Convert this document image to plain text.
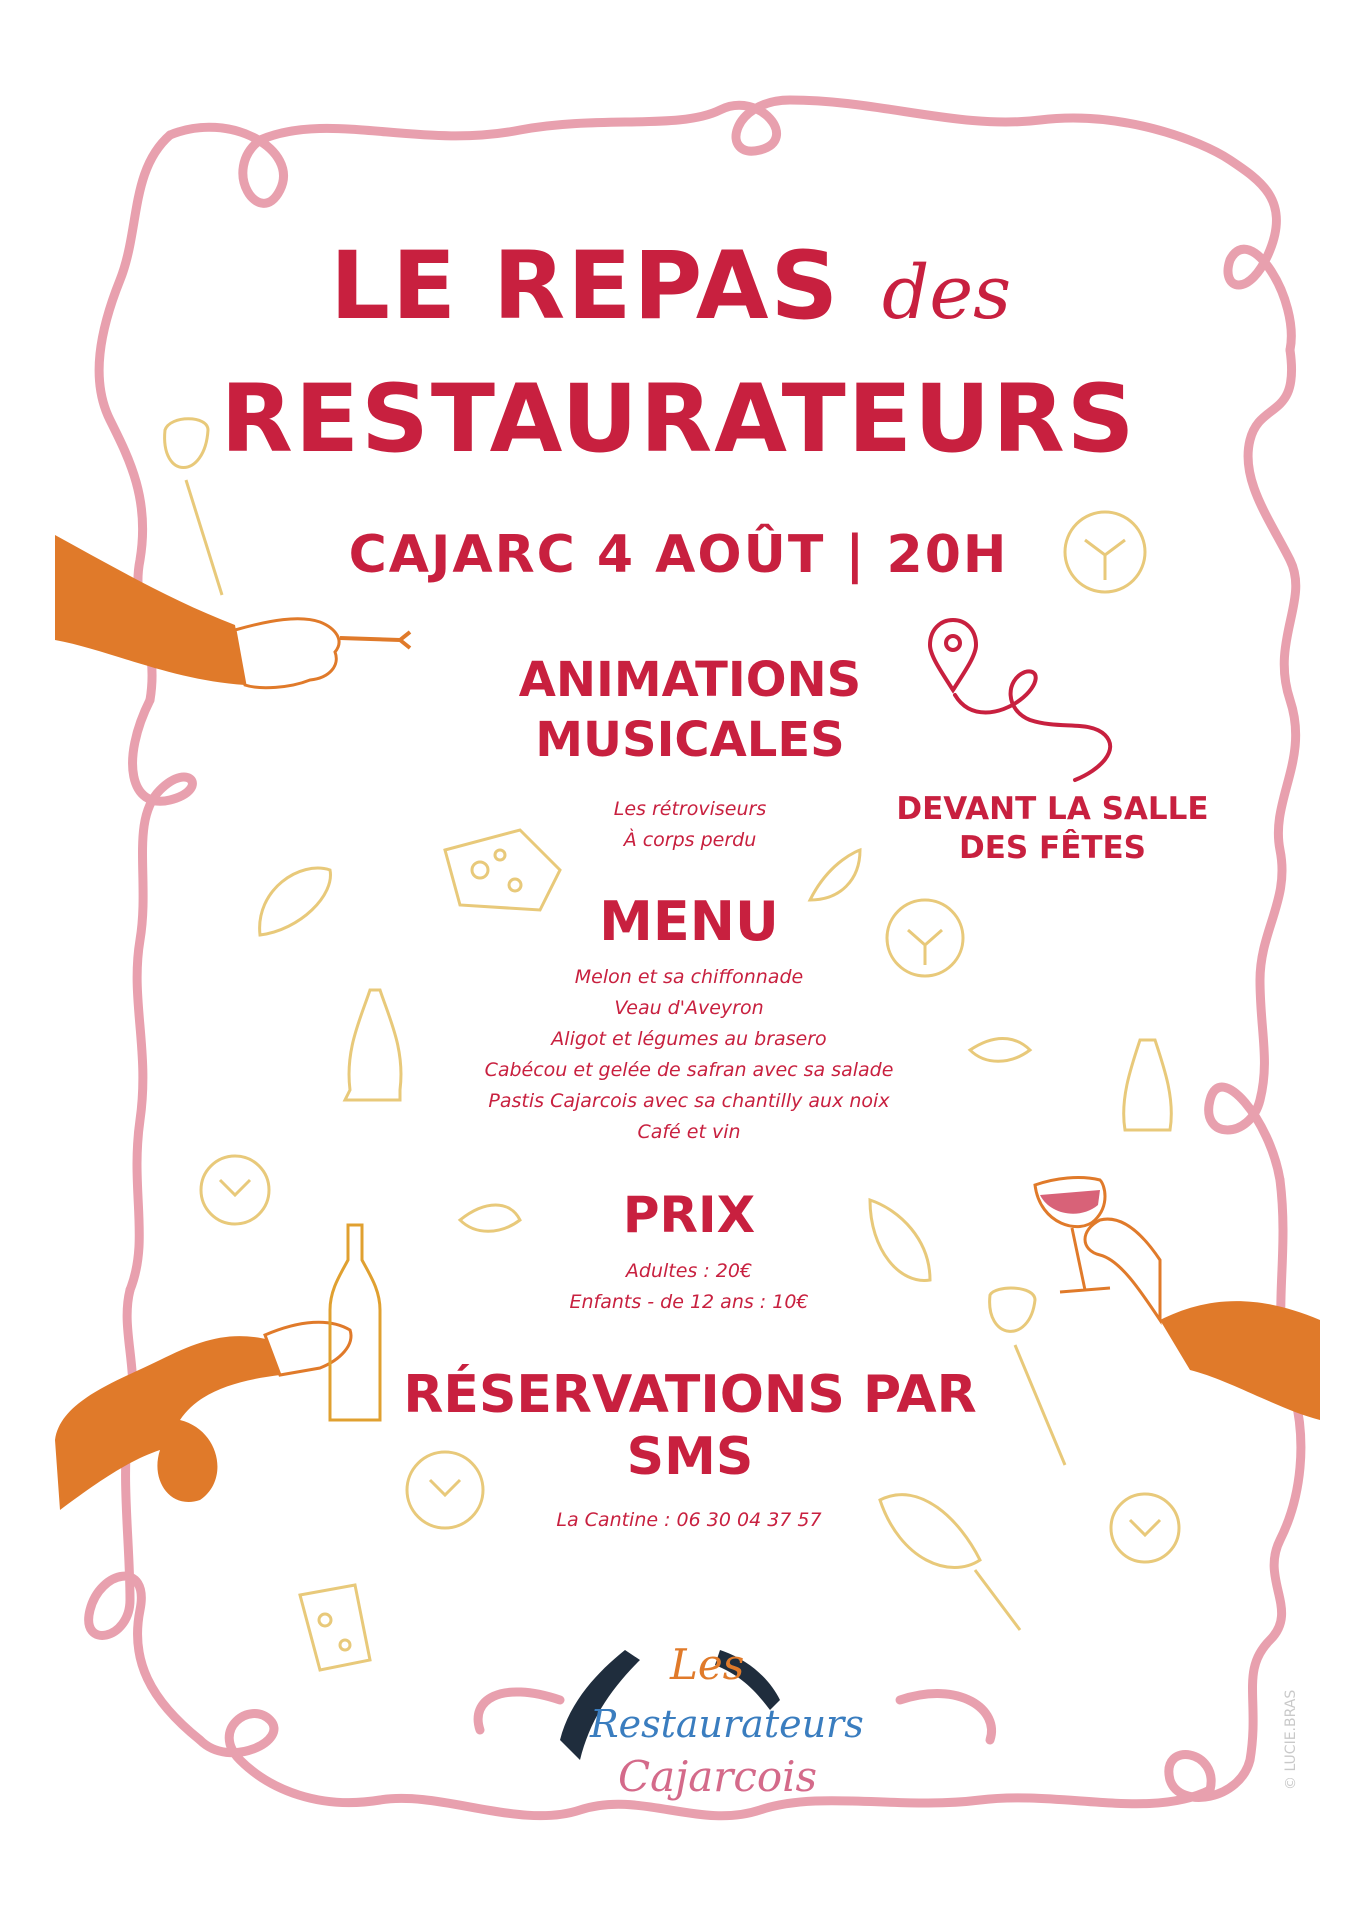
LE REPAS des
RESTAURATEURS
CAJARC 4 AOÛT | 20H
ANIMATIONS MUSICALES
Les rétroviseurs
À corps perdu
DEVANT LA SALLE DES FÊTES
MENU
Melon et sa chiffonnade
Veau d'Aveyron
Aligot et légumes au brasero
Cabécou et gelée de safran avec sa salade
Pastis Cajarcois avec sa chantilly aux noix
Café et vin
PRIX
Adultes : 20€
Enfants - de 12 ans : 10€
RÉSERVATIONS PAR SMS
La Cantine : 06 30 04 37 57

Les

Restaurateurs

Cajarcois	© LUCIE.BRAS
